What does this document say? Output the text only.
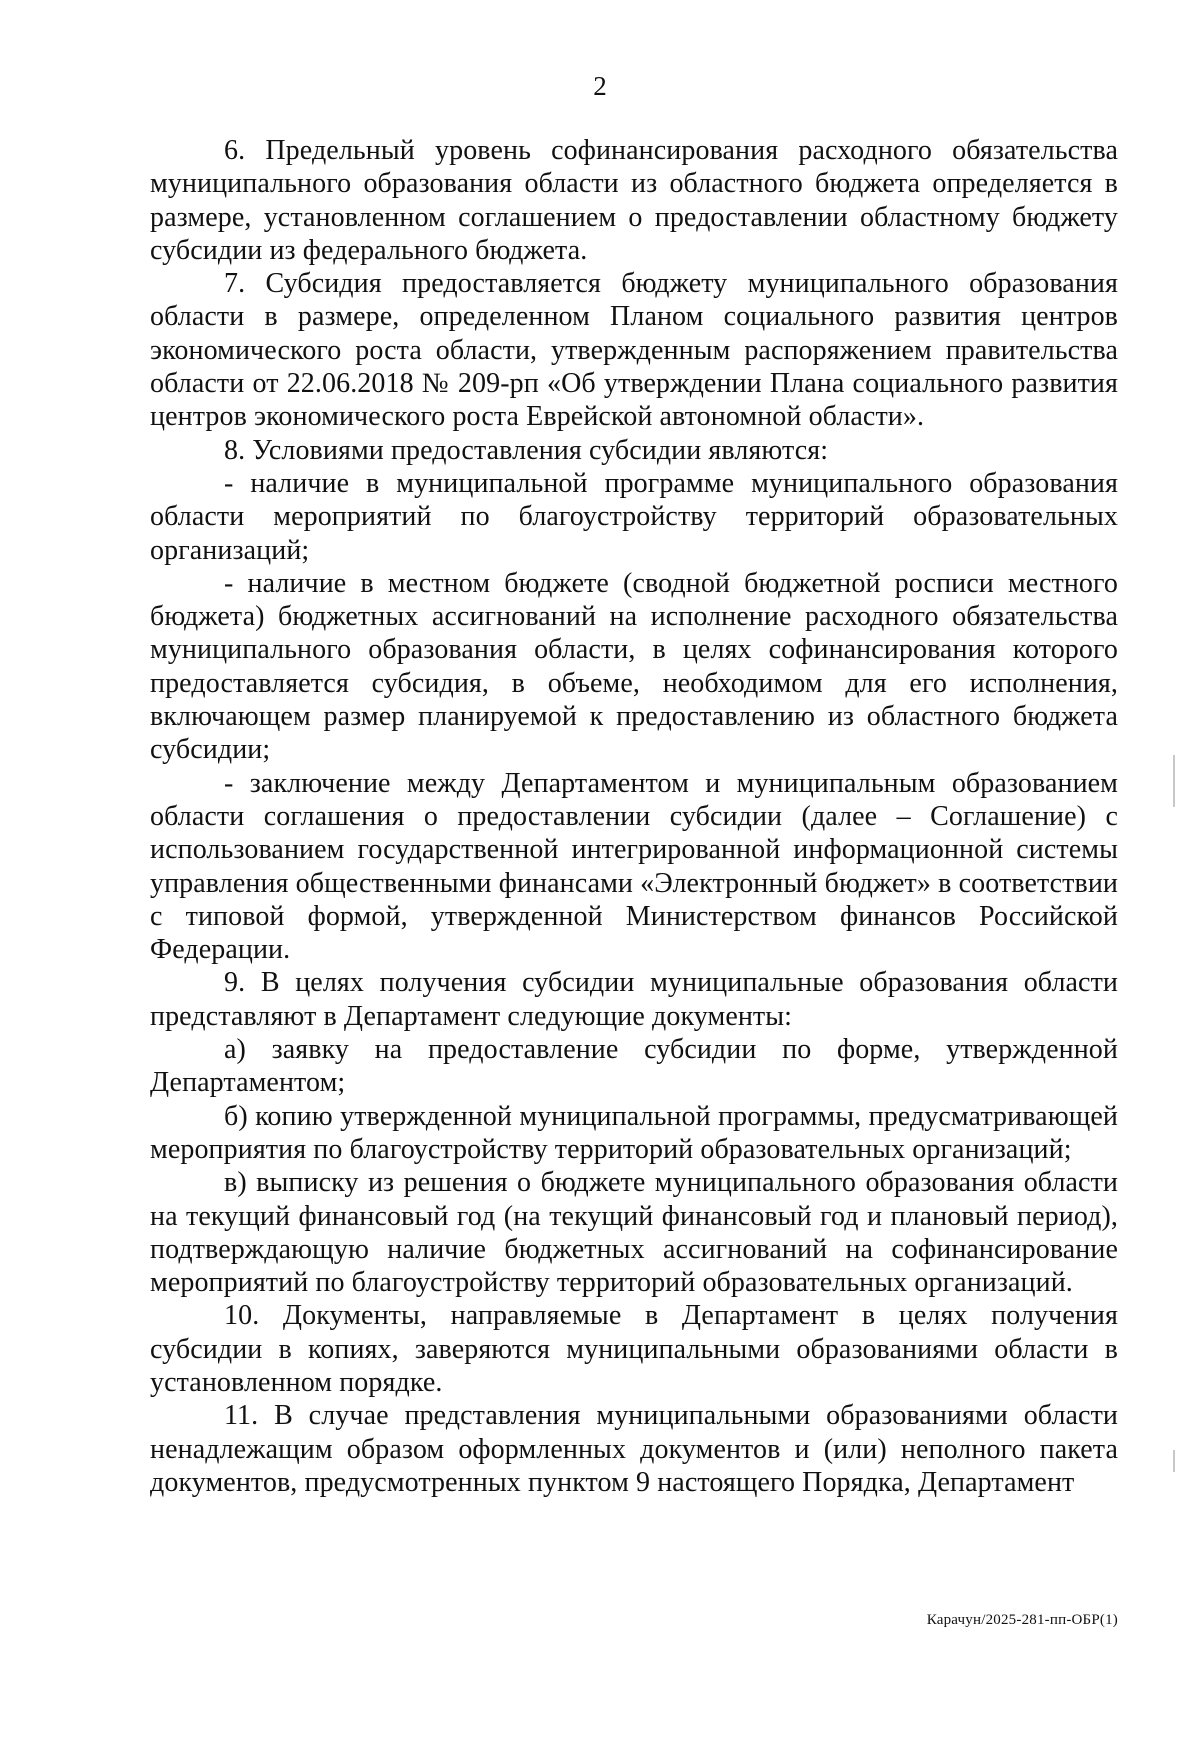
2

6. Предельный уровень софинансирования расходного обязательства муниципального образования области из областного бюджета определяется в размере, установленном соглашением о предоставлении областному бюджету субсидии из федерального бюджета.

7. Субсидия предоставляется бюджету муниципального образования области в размере, определенном Планом социального развития центров экономического роста области, утвержденным распоряжением правительства области от 22.06.2018 № 209-рп «Об утверждении Плана социального развития центров экономического роста Еврейской автономной области».

8. Условиями предоставления субсидии являются:

- наличие в муниципальной программе муниципального образования области мероприятий по благоустройству территорий образовательных организаций;

- наличие в местном бюджете (сводной бюджетной росписи местного бюджета) бюджетных ассигнований на исполнение расходного обязательства муниципального образования области, в целях софинансирования которого предоставляется субсидия, в объеме, необходимом для его исполнения, включающем размер планируемой к предоставлению из областного бюджета субсидии;

- заключение между Департаментом и муниципальным образованием области соглашения о предоставлении субсидии (далее – Соглашение) с использованием государственной интегрированной информационной системы управления общественными финансами «Электронный бюджет» в соответствии с типовой формой, утвержденной Министерством финансов Российской Федерации.

9. В целях получения субсидии муниципальные образования области представляют в Департамент следующие документы:

а) заявку на предоставление субсидии по форме, утвержденной Департаментом;

б) копию утвержденной муниципальной программы, предусматривающей мероприятия по благоустройству территорий образовательных организаций;

в) выписку из решения о бюджете муниципального образования области на текущий финансовый год (на текущий финансовый год и плановый период), подтверждающую наличие бюджетных ассигнований на софинансирование мероприятий по благоустройству территорий образовательных организаций.

10. Документы, направляемые в Департамент в целях получения субсидии в копиях, заверяются муниципальными образованиями области в установленном порядке.

11. В случае представления муниципальными образованиями области ненадлежащим образом оформленных документов и (или) неполного пакета документов, предусмотренных пунктом 9 настоящего Порядка, Департамент

Карачун/2025-281-пп-ОБР(1)
